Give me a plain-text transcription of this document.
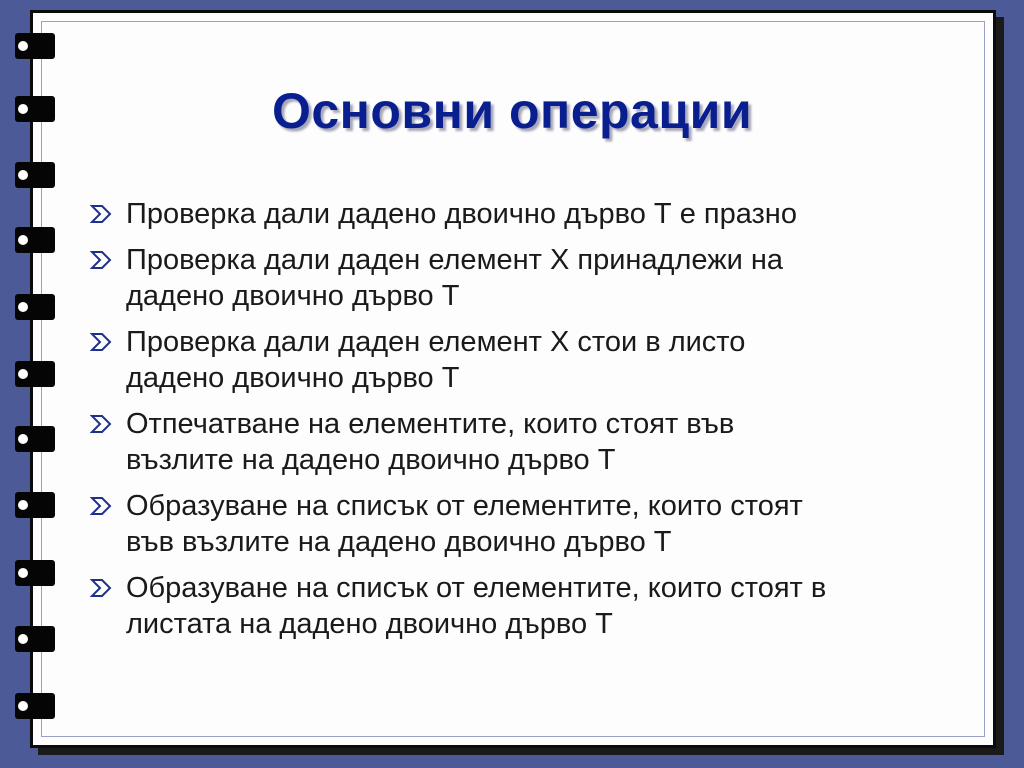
Основни операции
Проверка дали дадено двоично дърво Т е празно
Проверка дали даден елемент Х принадлежи на
дадено двоично дърво Т
Проверка дали даден елемент Х стои в листо
дадено двоично дърво Т
Отпечатване на елементите, които стоят във
възлите на дадено двоично дърво Т
Образуване на списък от елементите, които стоят
във възлите на дадено двоично дърво Т
Образуване на списък от елементите, които стоят в
листата на дадено двоично дърво Т
